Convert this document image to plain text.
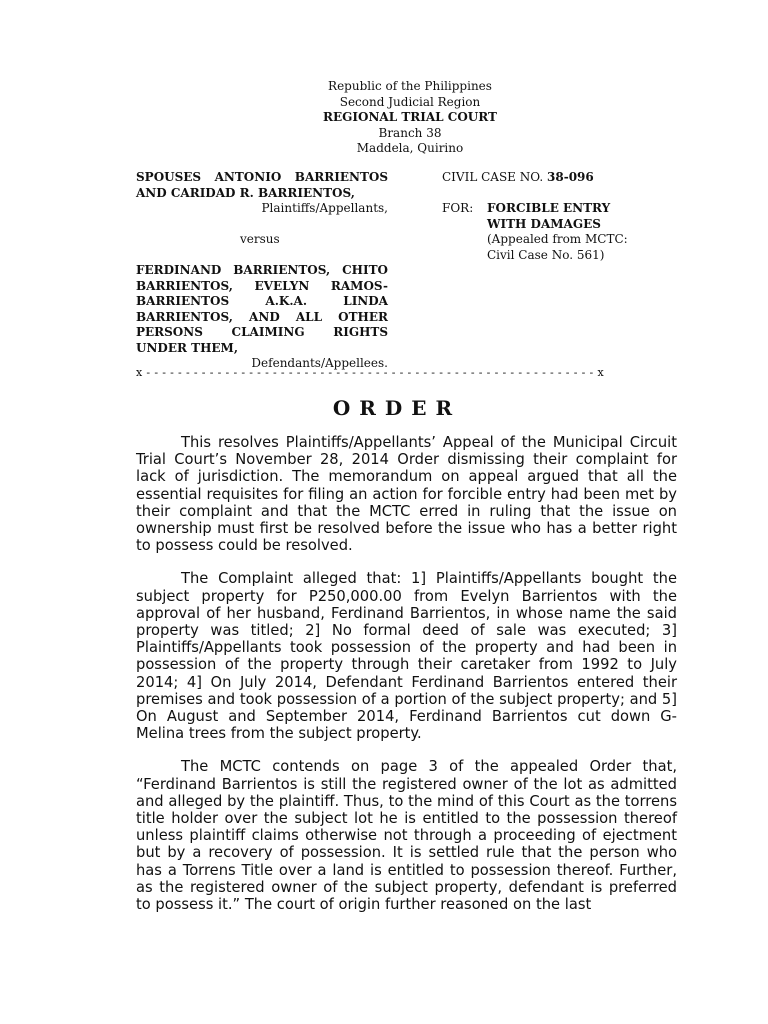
Republic of the Philippines
Second Judicial Region
REGIONAL TRIAL COURT
Branch 38
Maddela, Quirino
SPOUSES ANTONIO BARRIENTOS AND CARIDAD R. BARRIENTOS,
Plaintiffs/Appellants,
versus
FERDINAND BARRIENTOS, CHITO BARRIENTOS, EVELYN RAMOS-BARRIENTOS A.K.A. LINDA BARRIENTOS, AND ALL OTHER PERSONS CLAIMING RIGHTS UNDER THEM,
Defendants/Appellees.
CIVIL CASE NO. 38-096
FOR:	FORCIBLE ENTRY
WITH DAMAGES
(Appealed from MCTC:
Civil Case No. 561)
x - - - - - - - - - - - - - - - - - - - - - - - - - - - - - - - - - - - - - - - - - - - - - - - - - - - - - - - - - x
ORDER

This resolves Plaintiffs/Appellants’ Appeal of the Municipal Circuit Trial Court’s November 28, 2014 Order dismissing their complaint for lack of jurisdiction. The memorandum on appeal argued that all the essential requisites for filing an action for forcible entry had been met by their complaint and that the MCTC erred in ruling that the issue on ownership must first be resolved before the issue who has a better right to possess could be resolved.

The Complaint alleged that: 1] Plaintiffs/Appellants bought the subject property for P250,000.00 from Evelyn Barrientos with the approval of her husband, Ferdinand Barrientos, in whose name the said property was titled; 2] No formal deed of sale was executed; 3] Plaintiffs/Appellants took possession of the property and had been in possession of the property through their caretaker from 1992 to July 2014; 4] On July 2014, Defendant Ferdinand Barrientos entered their premises and took possession of a portion of the subject property; and 5] On August and September 2014, Ferdinand Barrientos cut down G-Melina trees from the subject property.

The MCTC contends on page 3 of the appealed Order that, “Ferdinand Barrientos is still the registered owner of the lot as admitted and alleged by the plaintiff. Thus, to the mind of this Court as the torrens title holder over the subject lot he is entitled to the possession thereof unless plaintiff claims otherwise not through a proceeding of ejectment but by a recovery of possession. It is settled rule that the person who has a Torrens Title over a land is entitled to possession thereof. Further, as the registered owner of the subject property, defendant is preferred to possess it.” The court of origin further reasoned on the last
